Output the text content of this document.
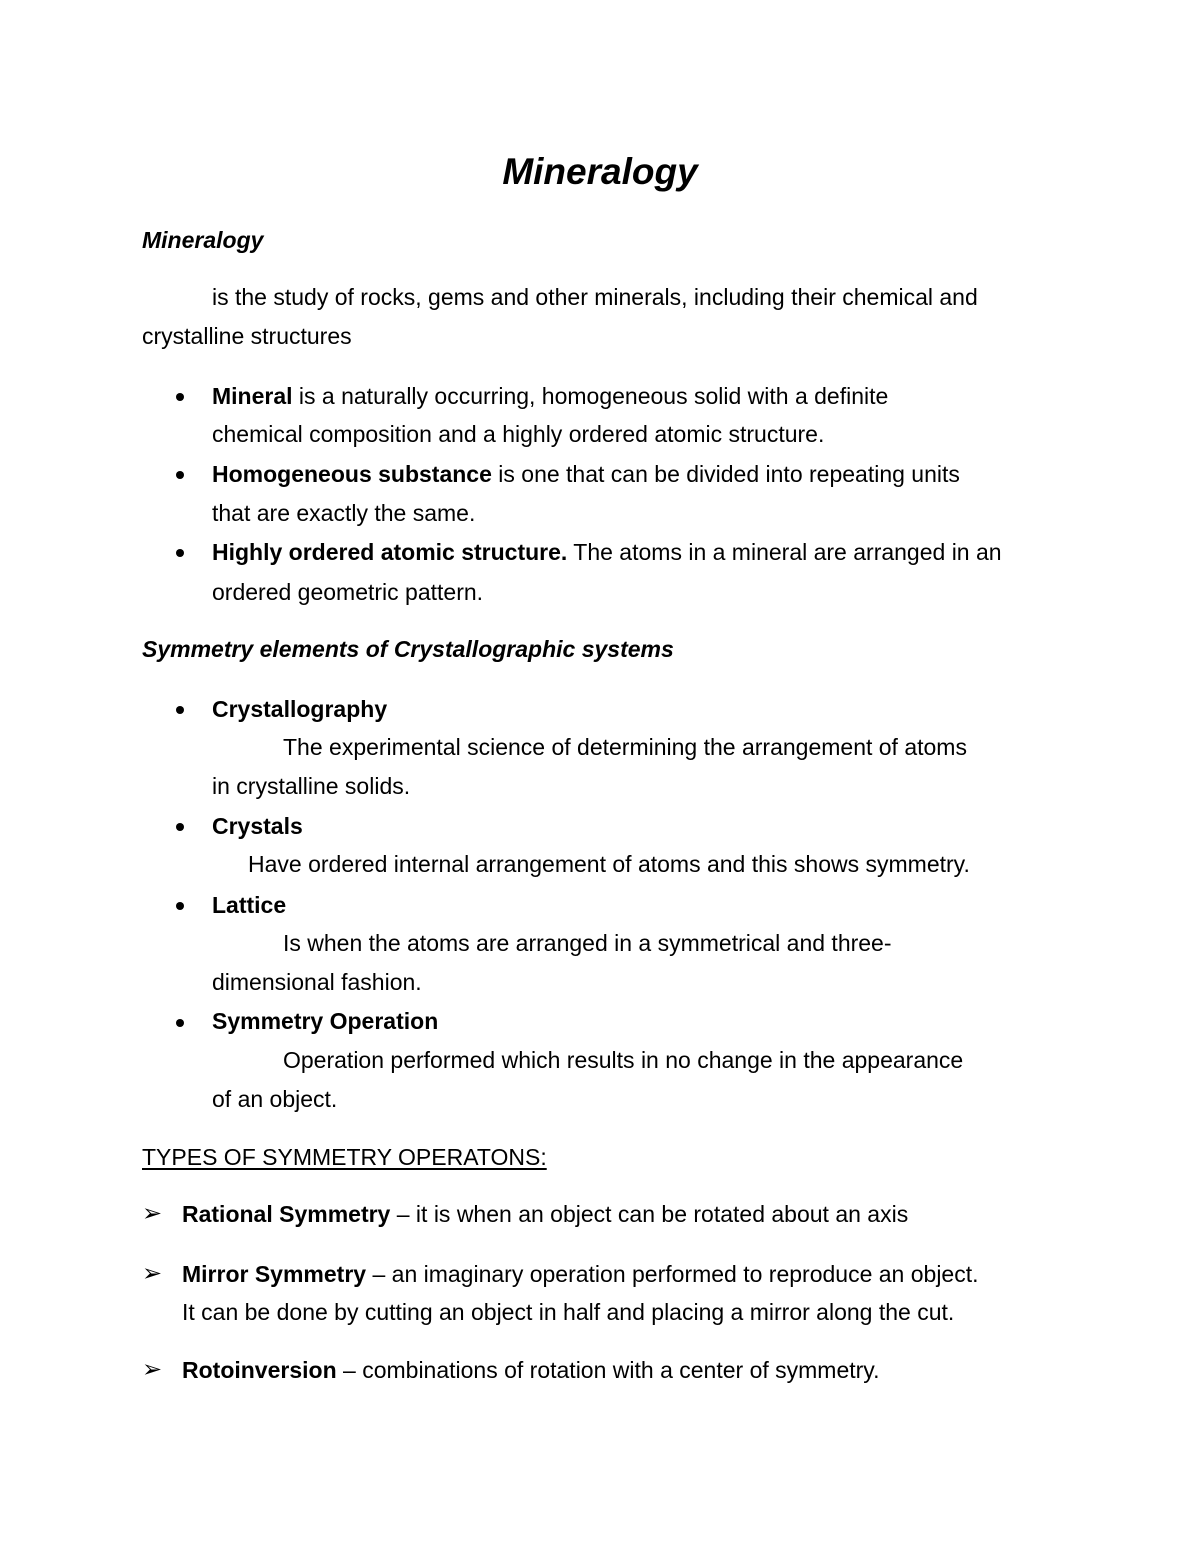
Mineralogy
Mineralogy
is the study of rocks, gems and other minerals, including their chemical and
crystalline structures
Mineral is a naturally occurring, homogeneous solid with a definite
chemical composition and a highly ordered atomic structure.
Homogeneous substance is one that can be divided into repeating units
that are exactly the same.
Highly ordered atomic structure. The atoms in a mineral are arranged in an
ordered geometric pattern.
Symmetry elements of Crystallographic systems
Crystallography
The experimental science of determining the arrangement of atoms
in crystalline solids.
Crystals
Have ordered internal arrangement of atoms and this shows symmetry.
Lattice
Is when the atoms are arranged in a symmetrical and three-
dimensional fashion.
Symmetry Operation
Operation performed which results in no change in the appearance
of an object.
TYPES OF SYMMETRY OPERATONS:
➢ Rational Symmetry – it is when an object can be rotated about an axis
➢ Mirror Symmetry – an imaginary operation performed to reproduce an object.
It can be done by cutting an object in half and placing a mirror along the cut.
➢ Rotoinversion – combinations of rotation with a center of symmetry.
